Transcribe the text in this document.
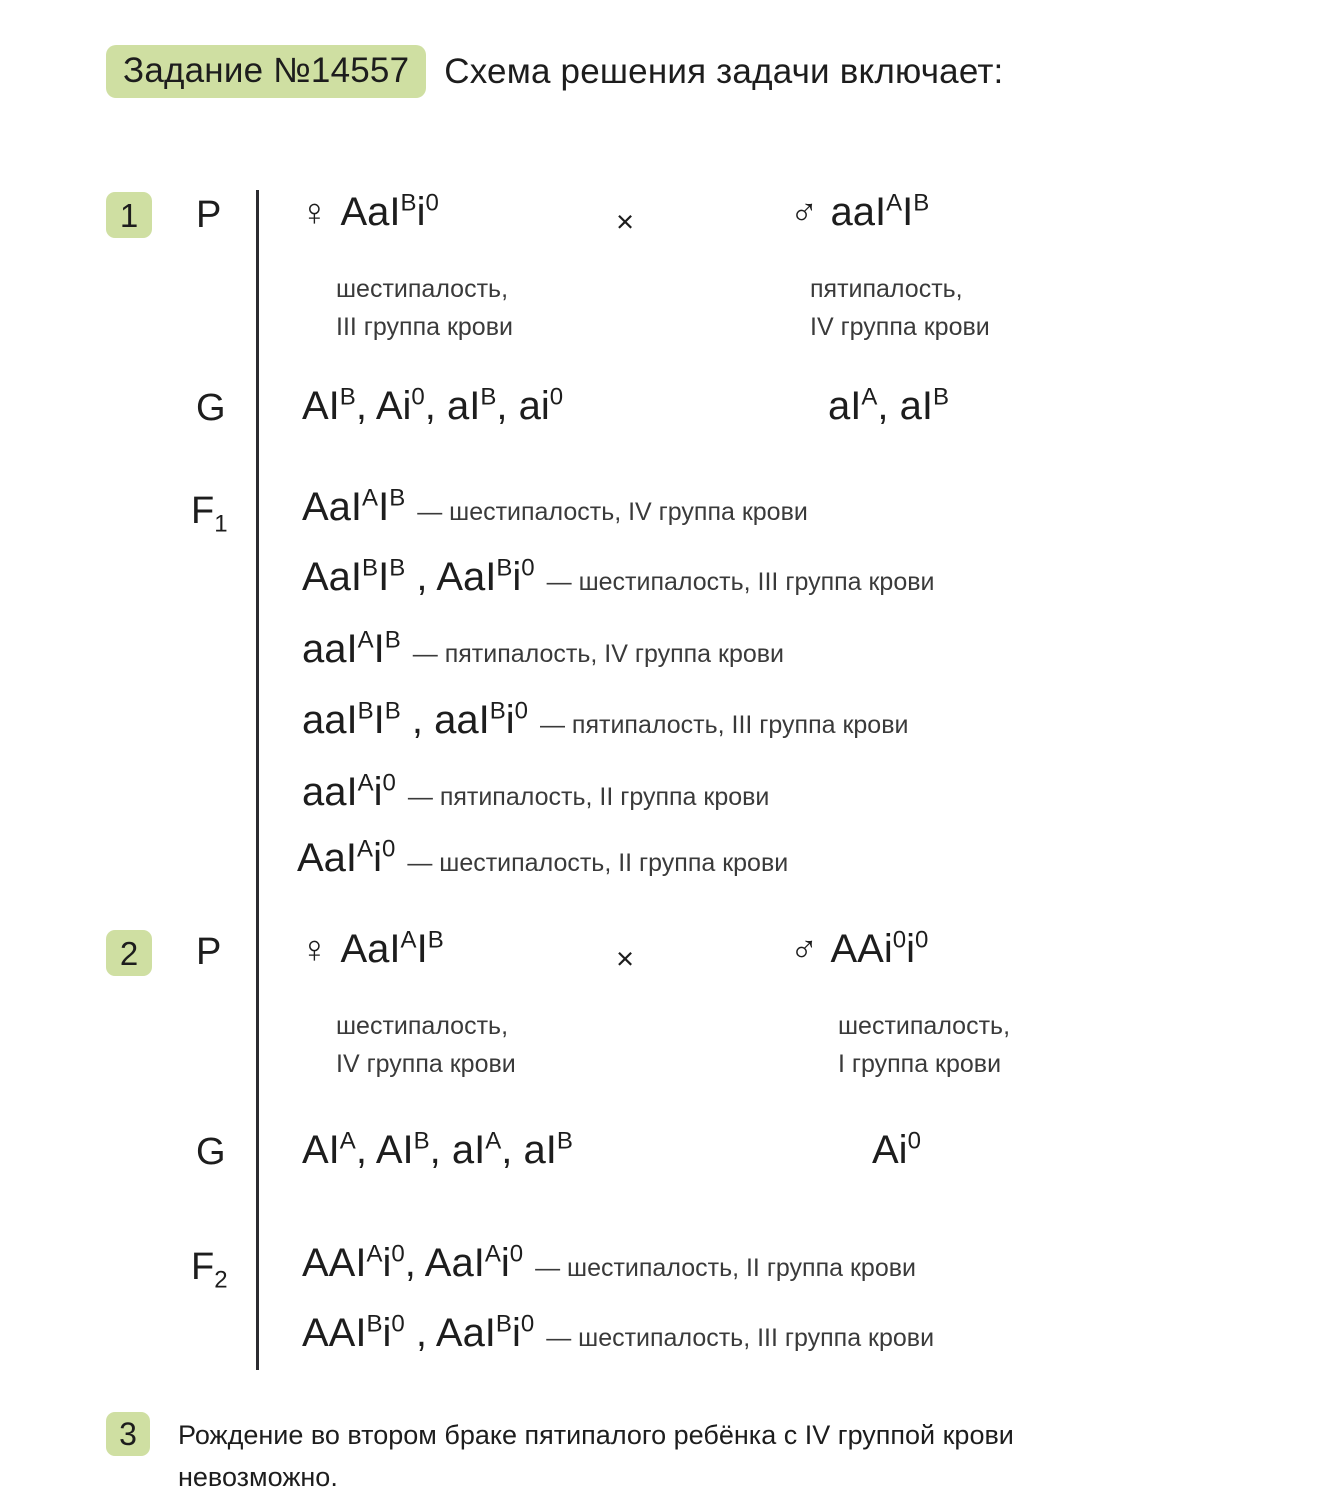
Задание №14557	Схема решения задачи включает:
1	P ♀ $AaI^Bi^0$
×	♂ $aaI^AI^B$
шестипалость,
III группа крови
пятипалость,
IV группа крови
G $AI^B$, Ai$^0$, $aI^B$, $ai^0$	$aI^A$, $aI^B$
$F_1$ $AaI^AI^B$ — шестипалость, IV группа крови
$AaI^BI^B$ , $AaI^Bi^0$ — шестипалость, III группа крови
$aaI^AI^B$ — пятипалость, IV группа крови
$aaI^BI^B$ , $aaI^Bi^0$ — пятипалость, III группа крови
$aaI^Ai^0$ — пятипалость, II группа крови
$AaI^Ai^0$ — шестипалость, II группа крови
2	P ♀ $AaI^AI^B$
×	♂ $AAi^0i^0$
шестипалость,
IV группа крови
шестипалость,
I группа крови
G $AI^A$, $AI^B$, $aI^A$, $aI^B$	Ai$^0$
$F_2$ $AAI^Ai^0$, $AaI^Ai^0$ — шестипалость, II группа крови
$AAI^Bi^0$ , $AaI^Bi^0$ — шестипалость, III группа крови
3	Рождение во втором браке пятипалого ребёнка с IV группой крови невозможно.
